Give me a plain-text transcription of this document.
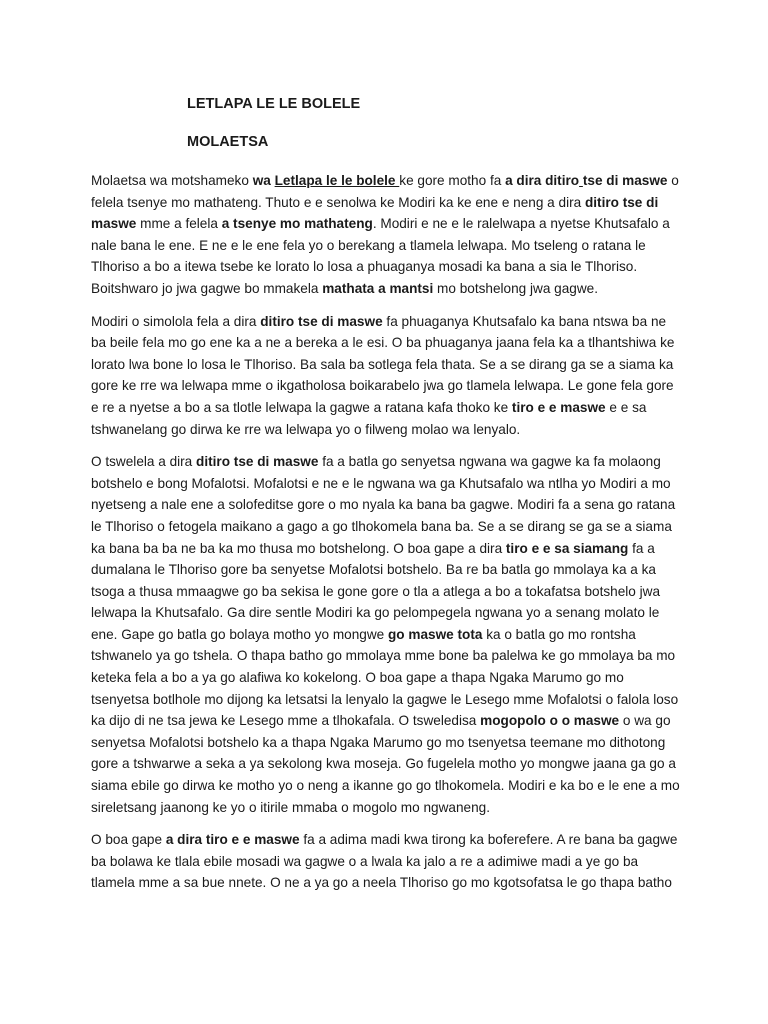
LETLAPA LE LE BOLELE
MOLAETSA

Molaetsa wa motshameko wa Letlapa le le bolele ke gore motho fa a dira ditiro tse di maswe o felela tsenye mo mathateng. Thuto e e senolwa ke Modiri ka ke ene e neng a dira ditiro tse di maswe mme a felela a tsenye mo mathateng. Modiri e ne e le ralelwapa a nyetse Khutsafalo a nale bana le ene. E ne e le ene fela yo o berekang a tlamela lelwapa. Mo tseleng o ratana le Tlhoriso a bo a itewa tsebe ke lorato lo losa a phuaganya mosadi ka bana a sia le Tlhoriso. Boitshwaro jo jwa gagwe bo mmakela mathata a mantsi mo botshelong jwa gagwe.

Modiri o simolola fela a dira ditiro tse di maswe fa phuaganya Khutsafalo ka bana ntswa ba ne ba beile fela mo go ene ka a ne a bereka a le esi. O ba phuaganya jaana fela ka a tlhantshiwa ke lorato lwa bone lo losa le Tlhoriso. Ba sala ba sotlega fela thata. Se a se dirang ga se a siama ka gore ke rre wa lelwapa mme o ikgatholosa boikarabelo jwa go tlamela lelwapa. Le gone fela gore e re a nyetse a bo a sa tlotle lelwapa la gagwe a ratana kafa thoko ke tiro e e maswe e e sa tshwanelang go dirwa ke rre wa lelwapa yo o filweng molao wa lenyalo.

O tswelela a dira ditiro tse di maswe fa a batla go senyetsa ngwana wa gagwe ka fa molaong botshelo e bong Mofalotsi. Mofalotsi e ne e le ngwana wa ga Khutsafalo wa ntlha yo Modiri a mo nyetseng a nale ene a solofeditse gore o mo nyala ka bana ba gagwe. Modiri fa a sena go ratana le Tlhoriso o fetogela maikano a gago a go tlhokomela bana ba. Se a se dirang se ga se a siama ka bana ba ba ne ba ka mo thusa mo botshelong. O boa gape a dira tiro e e sa siamang fa a dumalana le Tlhoriso gore ba senyetse Mofalotsi botshelo. Ba re ba batla go mmolaya ka a ka tsoga a thusa mmaagwe go ba sekisa le gone gore o tla a atlega a bo a tokafatsa botshelo jwa lelwapa la Khutsafalo. Ga dire sentle Modiri ka go pelompegela ngwana yo a senang molato le ene. Gape go batla go bolaya motho yo mongwe go maswe tota ka o batla go mo rontsha tshwanelo ya go tshela. O thapa batho go mmolaya mme bone ba palelwa ke go mmolaya ba mo keteka fela a bo a ya go alafiwa ko kokelong. O boa gape a thapa Ngaka Marumo go mo tsenyetsa botlhole mo dijong ka letsatsi la lenyalo la gagwe le Lesego mme Mofalotsi o falola loso ka dijo di ne tsa jewa ke Lesego mme a tlhokafala. O tsweledisa mogopolo o o maswe o wa go senyetsa Mofalotsi botshelo ka a thapa Ngaka Marumo go mo tsenyetsa teemane mo dithotong gore a tshwarwe a seka a ya sekolong kwa moseja. Go fugelela motho yo mongwe jaana ga go a siama ebile go dirwa ke motho yo o neng a ikanne go go tlhokomela. Modiri e ka bo e le ene a mo sireletsang jaanong ke yo o itirile mmaba o mogolo mo ngwaneng.

O boa gape a dira tiro e e maswe fa a adima madi kwa tirong ka boferefere. A re bana ba gagwe ba bolawa ke tlala ebile mosadi wa gagwe o a lwala ka jalo a re a adimiwe madi a ye go ba tlamela mme a sa bue nnete. O ne a ya go a neela Tlhoriso go mo kgotsofatsa le go thapa batho
